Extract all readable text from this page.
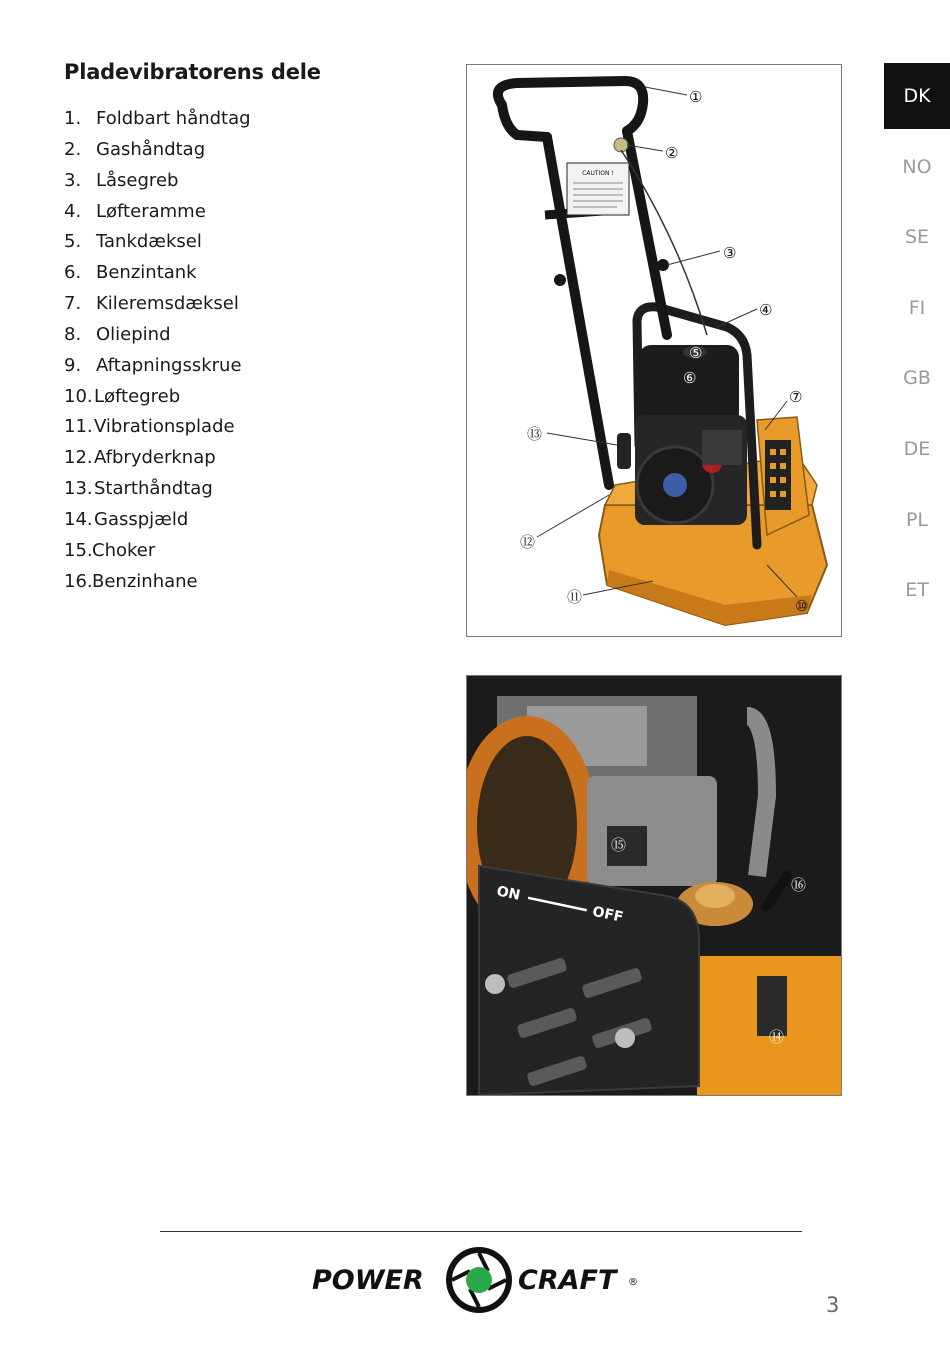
Pladevibratorens dele
1. Foldbart håndtag
2. Gashåndtag
3. Låsegreb
4. Løfteramme
5. Tankdæksel
6. Benzintank
7. Kileremsdæksel
8. Oliepind
9. Aftapningsskrue
10. Løftegreb
11. Vibrationsplade
12. Afbryderknap
13. Starthåndtag
14. Gasspjæld
15. Choker
16. Benzinhane
DK
NO
SE
FI
GB
DE
PL
ET
CAUTION !
①
②
③
④
⑤
⑥
⑦
⑩
⑪
⑫
⑬
ON
OFF
⑮
⑯
⑭
POWER	CRAFT ®
3
